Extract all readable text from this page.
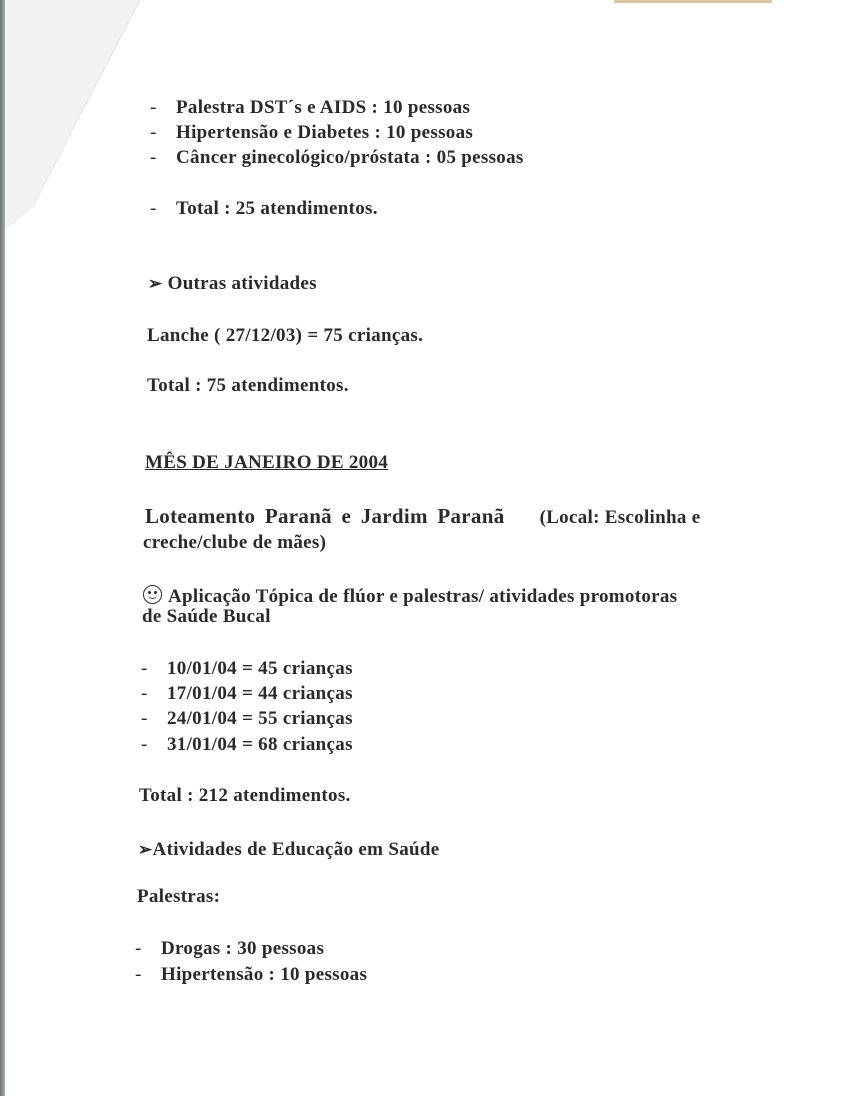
- Palestra DST´s e AIDS : 10 pessoas
- Hipertensão e Diabetes : 10 pessoas
- Câncer ginecológico/próstata : 05 pessoas
- Total : 25 atendimentos.
➢ Outras atividades
Lanche ( 27/12/03) = 75 crianças.
Total : 75 atendimentos.
MÊS DE JANEIRO DE 2004
Loteamento Paranã e Jardim Paranã (Local: Escolinha e
creche/clube de mães)
Aplicação Tópica de flúor e palestras/ atividades promotoras
de Saúde Bucal
- 10/01/04 = 45 crianças
- 17/01/04 = 44 crianças
- 24/01/04 = 55 crianças
- 31/01/04 = 68 crianças
Total : 212 atendimentos.
➢Atividades de Educação em Saúde
Palestras:
- Drogas : 30 pessoas
- Hipertensão : 10 pessoas
